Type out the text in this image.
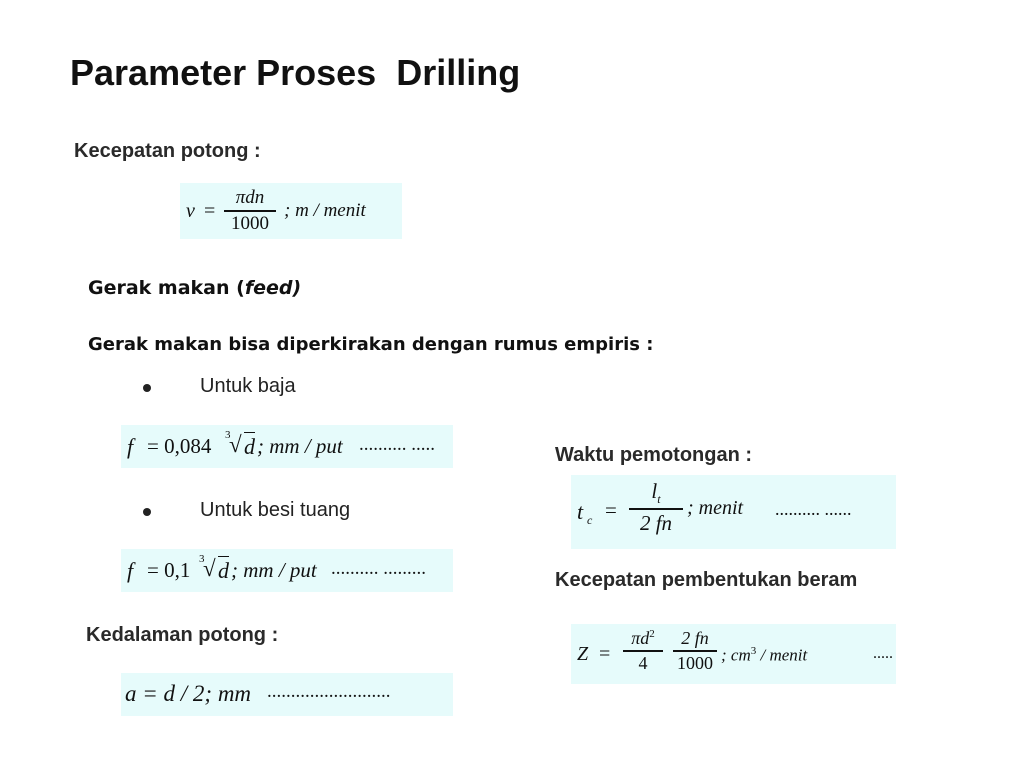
Parameter Proses  Drilling
Kecepatan potong :
v =
πdn
1000
; m / menit
Gerak makan (feed)
Gerak makan bisa diperkirakan dengan rumus empiris :
Untuk baja
f = 0,084 3
√ d ; mm / put .......... .....
Untuk besi tuang
f = 0,1 3
√ d ; mm / put .......... .........
Kedalaman potong :
a = d / 2; mm ..........................
Waktu pemotongan :
t c =
$l_t$
2 fn
; menit .......... ......
Kecepatan pembentukan beram
Z =
$\pi d^2$
4
2 fn
1000 ; $cm^3$ / menit	.....
